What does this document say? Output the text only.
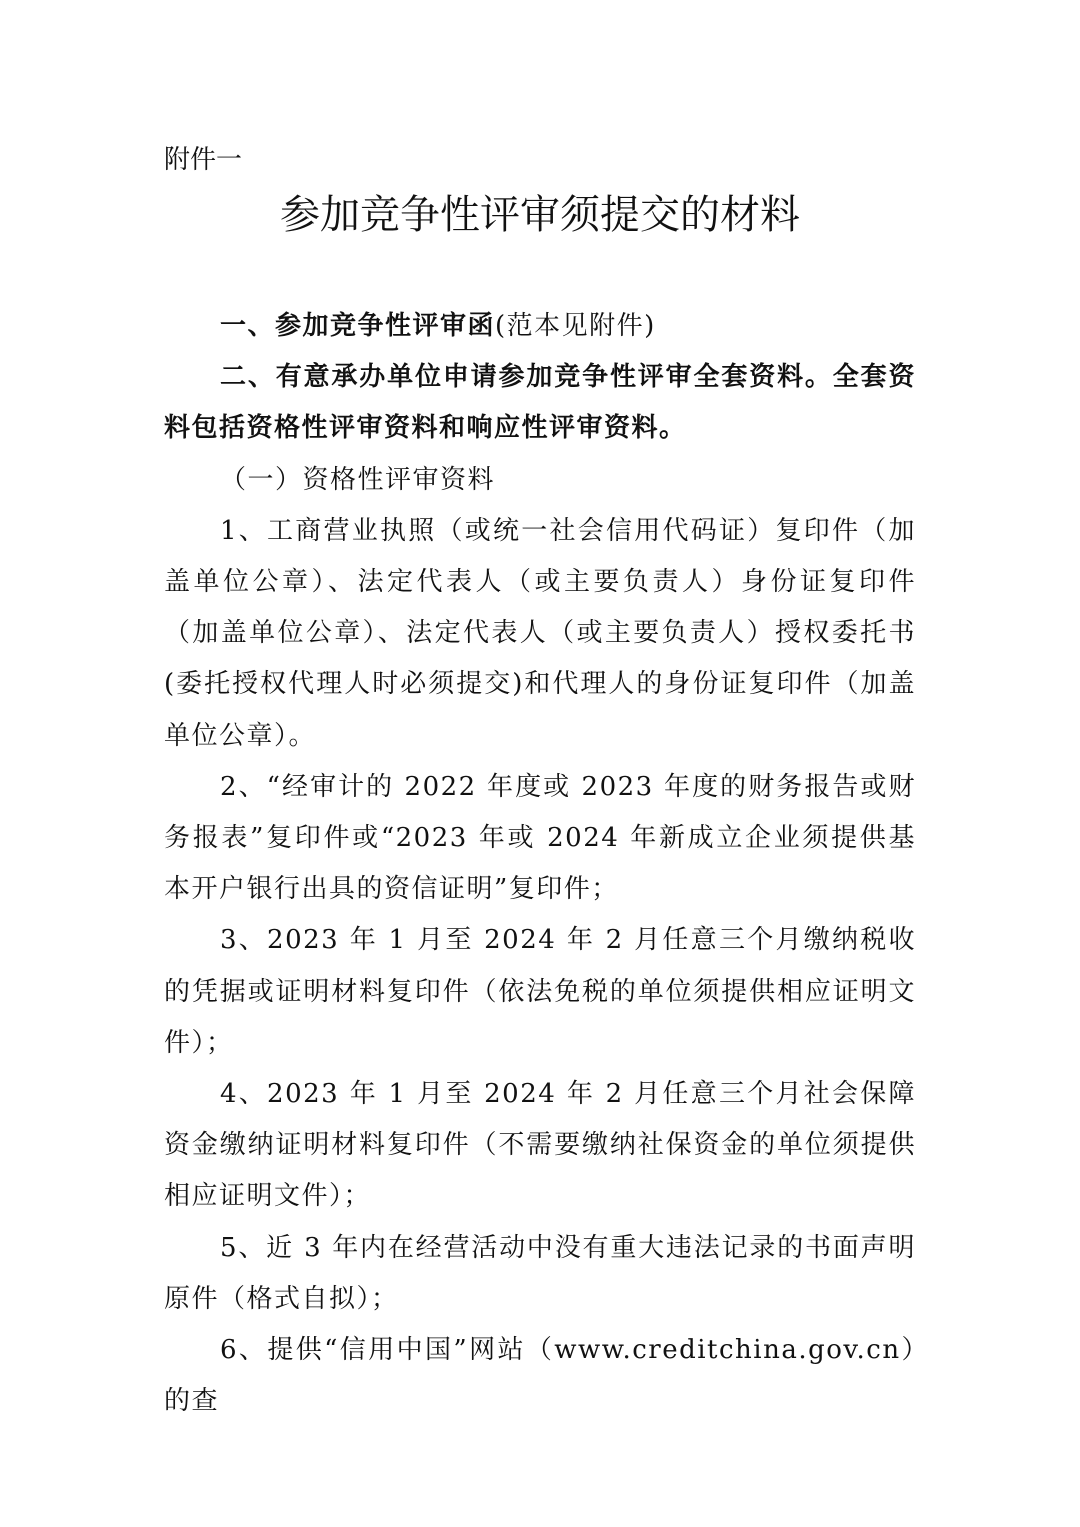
附件一
参加竞争性评审须提交的材料

一、参加竞争性评审函(范本见附件)

二、有意承办单位申请参加竞争性评审全套资料。全套资料包括资格性评审资料和响应性评审资料。

（一）资格性评审资料

1、工商营业执照（或统一社会信用代码证）复印件（加盖单位公章）、法定代表人（或主要负责人）身份证复印件（加盖单位公章）、法定代表人（或主要负责人）授权委托书(委托授权代理人时必须提交)和代理人的身份证复印件（加盖单位公章）。

2、“经审计的 2022 年度或 2023 年度的财务报告或财务报表”复印件或“2023 年或 2024 年新成立企业须提供基本开户银行出具的资信证明”复印件；

3、2023 年 1 月至 2024 年 2 月任意三个月缴纳税收的凭据或证明材料复印件（依法免税的单位须提供相应证明文件）；

4、2023 年 1 月至 2024 年 2 月任意三个月社会保障资金缴纳证明材料复印件（不需要缴纳社保资金的单位须提供相应证明文件）；

5、近 3 年内在经营活动中没有重大违法记录的书面声明原件（格式自拟）；

6、提供“信用中国”网站（www.creditchina.gov.cn）的查
